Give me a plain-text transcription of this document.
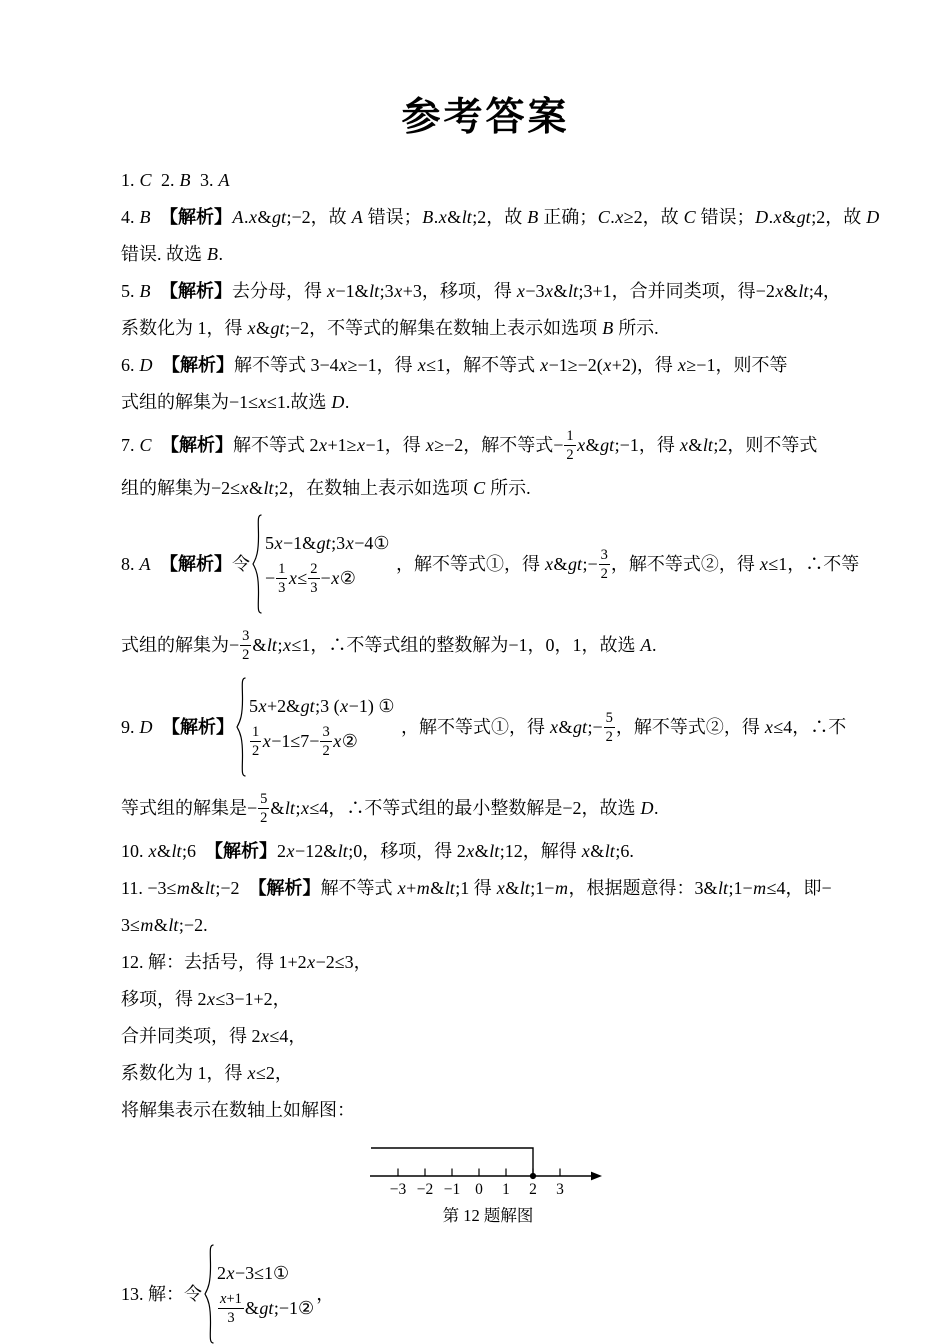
参考答案
1. C  2. B  3. A
4. B 【解析】A.x&gt;−2，故 A 错误；B.x&lt;2，故 B 正确；C.x≥2，故 C 错误；D.x&gt;2，故 D
错误. 故选 B.
5. B 【解析】去分母，得 x−1&lt;3x+3，移项，得 x−3x&lt;3+1，合并同类项，得−2x&lt;4，
系数化为 1，得 x&gt;−2，不等式的解集在数轴上表示如选项 B 所示.
6. D 【解析】解不等式 3−4x≥−1，得 x≤1，解不等式 x−1≥−2(x+2)，得 x≥−1，则不等
式组的解集为−1≤x≤1.故选 D.
7. C 【解析】解不等式 2x+1≥x−1，得 x≥−2，解不等式− $\frac{1}{2}$ x&gt;−1，得 x&lt;2，则不等式
组的解集为−2≤x&lt;2，在数轴上表示如选项 C 所示.
8. A 【解析】令
5x−1&gt;3x−4①
− $\frac{1}{3} x\le \frac{2}{3}$ −x②
，解不等式①，得 x&gt;− $\frac{3}{2}$ ，解不等式②，得 x≤1，∴不等
式组的解集为− $\frac{3}{2}$ &lt;x≤1，∴不等式组的整数解为−1，0，1，故选 A.
9. D 【解析】
5x+2&gt;3 (x−1) ①
$\frac{1}{2} x-1\le 7- \frac{3}{2}$ x②
，解不等式①，得 x&gt;− $\frac{5}{2}$ ，解不等式②，得 x≤4，∴不
等式组的解集是− $\frac{5}{2}$ &lt;x≤4，∴不等式组的最小整数解是−2，故选 D.
10. x&lt;6  【解析】2x−12&lt;0，移项，得 2x&lt;12，解得 x&lt;6.
11. −3≤m&lt;−2  【解析】解不等式 x+m&lt;1 得 x&lt;1−m，根据题意得：3&lt;1−m≤4，即−
3≤m&lt;−2.
12. 解：去括号，得 1+2x−2≤3，
移项，得 2x≤3−1+2，
合并同类项，得 2x≤4，
系数化为 1，得 x≤2，
将解集表示在数轴上如解图：
−3 −2 −1 0 1 2 3
第 12 题解图
13. 解：令
2x−3≤1①
$\frac{x+1}{3}$ &gt;−1②
，
